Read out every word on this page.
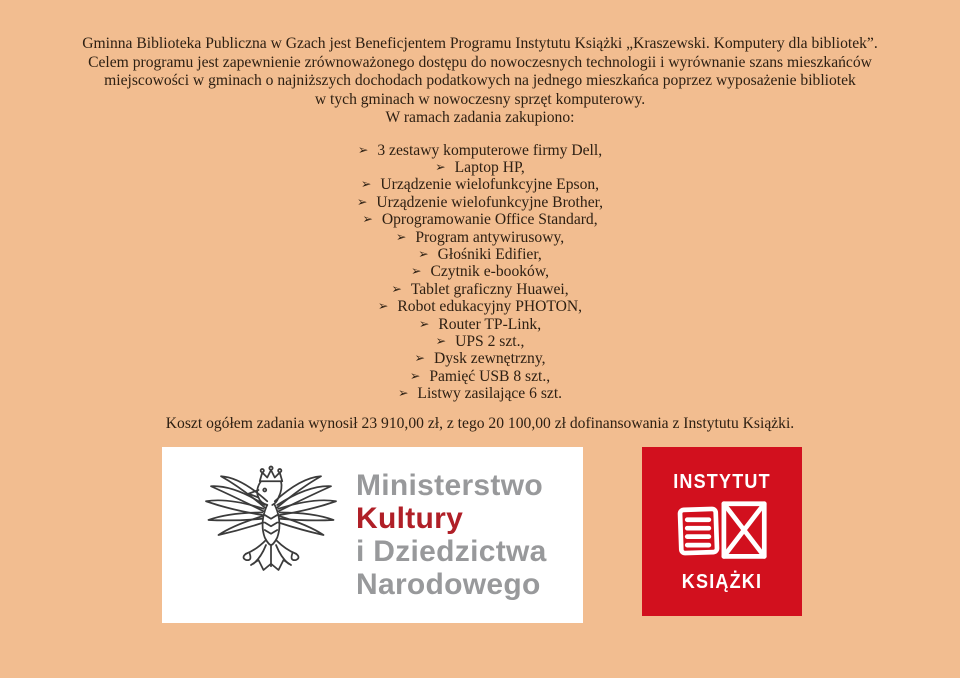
Gminna Biblioteka Publiczna w Gzach jest Beneficjentem Programu Instytutu Książki „Kraszewski. Komputery dla bibliotek”.
Celem programu jest zapewnienie zrównoważonego dostępu do nowoczesnych technologii i wyrównanie szans mieszkańców
miejscowości w gminach o najniższych dochodach podatkowych na jednego mieszkańca poprzez wyposażenie bibliotek
w tych gminach w nowoczesny sprzęt komputerowy.
W ramach zadania zakupiono:
➢ 3 zestawy komputerowe firmy Dell,
➢ Laptop HP,
➢ Urządzenie wielofunkcyjne Epson,
➢ Urządzenie wielofunkcyjne Brother,
➢ Oprogramowanie Office Standard,
➢ Program antywirusowy,
➢ Głośniki Edifier,
➢ Czytnik e-booków,
➢ Tablet graficzny Huawei,
➢ Robot edukacyjny PHOTON,
➢ Router TP-Link,
➢ UPS 2 szt.,
➢ Dysk zewnętrzny,
➢ Pamięć USB 8 szt.,
➢ Listwy zasilające 6 szt.
Koszt ogółem zadania wynosił 23 910,00 zł, z tego 20 100,00 zł dofinansowania z Instytutu Książki.
Ministerstwo
Kultury
i Dziedzictwa
Narodowego
INSTYTUT
KSIĄŻKI
